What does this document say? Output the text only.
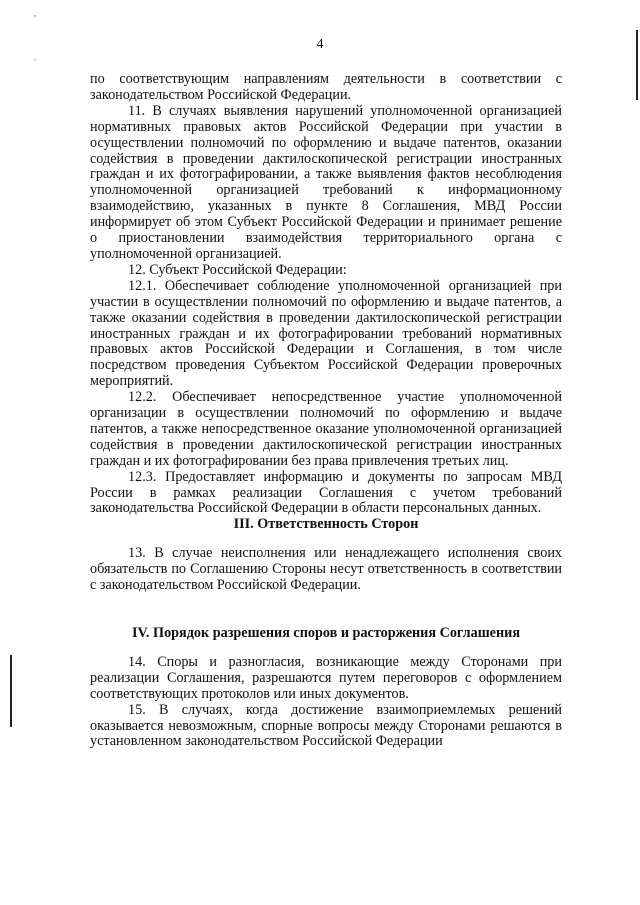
ˇ
˛
4

по соответствующим направлениям деятельности в соответствии с законодательством Российской Федерации.

11. В случаях выявления нарушений уполномоченной организацией нормативных правовых актов Российской Федерации при участии в осуществлении полномочий по оформлению и выдаче патентов, оказании содействия в проведении дактилоскопической регистрации иностранных граждан и их фотографировании, а также выявления фактов несоблюдения уполномоченной организацией требований к информационному взаимодействию, указанных в пункте 8 Соглашения, МВД России информирует об этом Субъект Российской Федерации и принимает решение о приостановлении взаимодействия территориального органа с уполномоченной организацией.

12. Субъект Российской Федерации:

12.1. Обеспечивает соблюдение уполномоченной организацией при участии в осуществлении полномочий по оформлению и выдаче патентов, а также оказании содействия в проведении дактилоскопической регистрации иностранных граждан и их фотографировании требований нормативных правовых актов Российской Федерации и Соглашения, в том числе посредством проведения Субъектом Российской Федерации проверочных мероприятий.

12.2. Обеспечивает непосредственное участие уполномоченной организации в осуществлении полномочий по оформлению и выдаче патентов, а также непосредственное оказание уполномоченной организацией содействия в проведении дактилоскопической регистрации иностранных граждан и их фотографировании без права привлечения третьих лиц.

12.3. Предоставляет информацию и документы по запросам МВД России в рамках реализации Соглашения с учетом требований законодательства Российской Федерации в области персональных данных.

III. Ответственность Сторон

13. В случае неисполнения или ненадлежащего исполнения своих обязательств по Соглашению Стороны несут ответственность в соответствии с законодательством Российской Федерации.

IV. Порядок разрешения споров и расторжения Соглашения

14. Споры и разногласия, возникающие между Сторонами при реализации Соглашения, разрешаются путем переговоров с оформлением соответствующих протоколов или иных документов.

15. В случаях, когда достижение взаимоприемлемых решений оказывается невозможным, спорные вопросы между Сторонами решаются в установленном законодательством Российской Федерации
